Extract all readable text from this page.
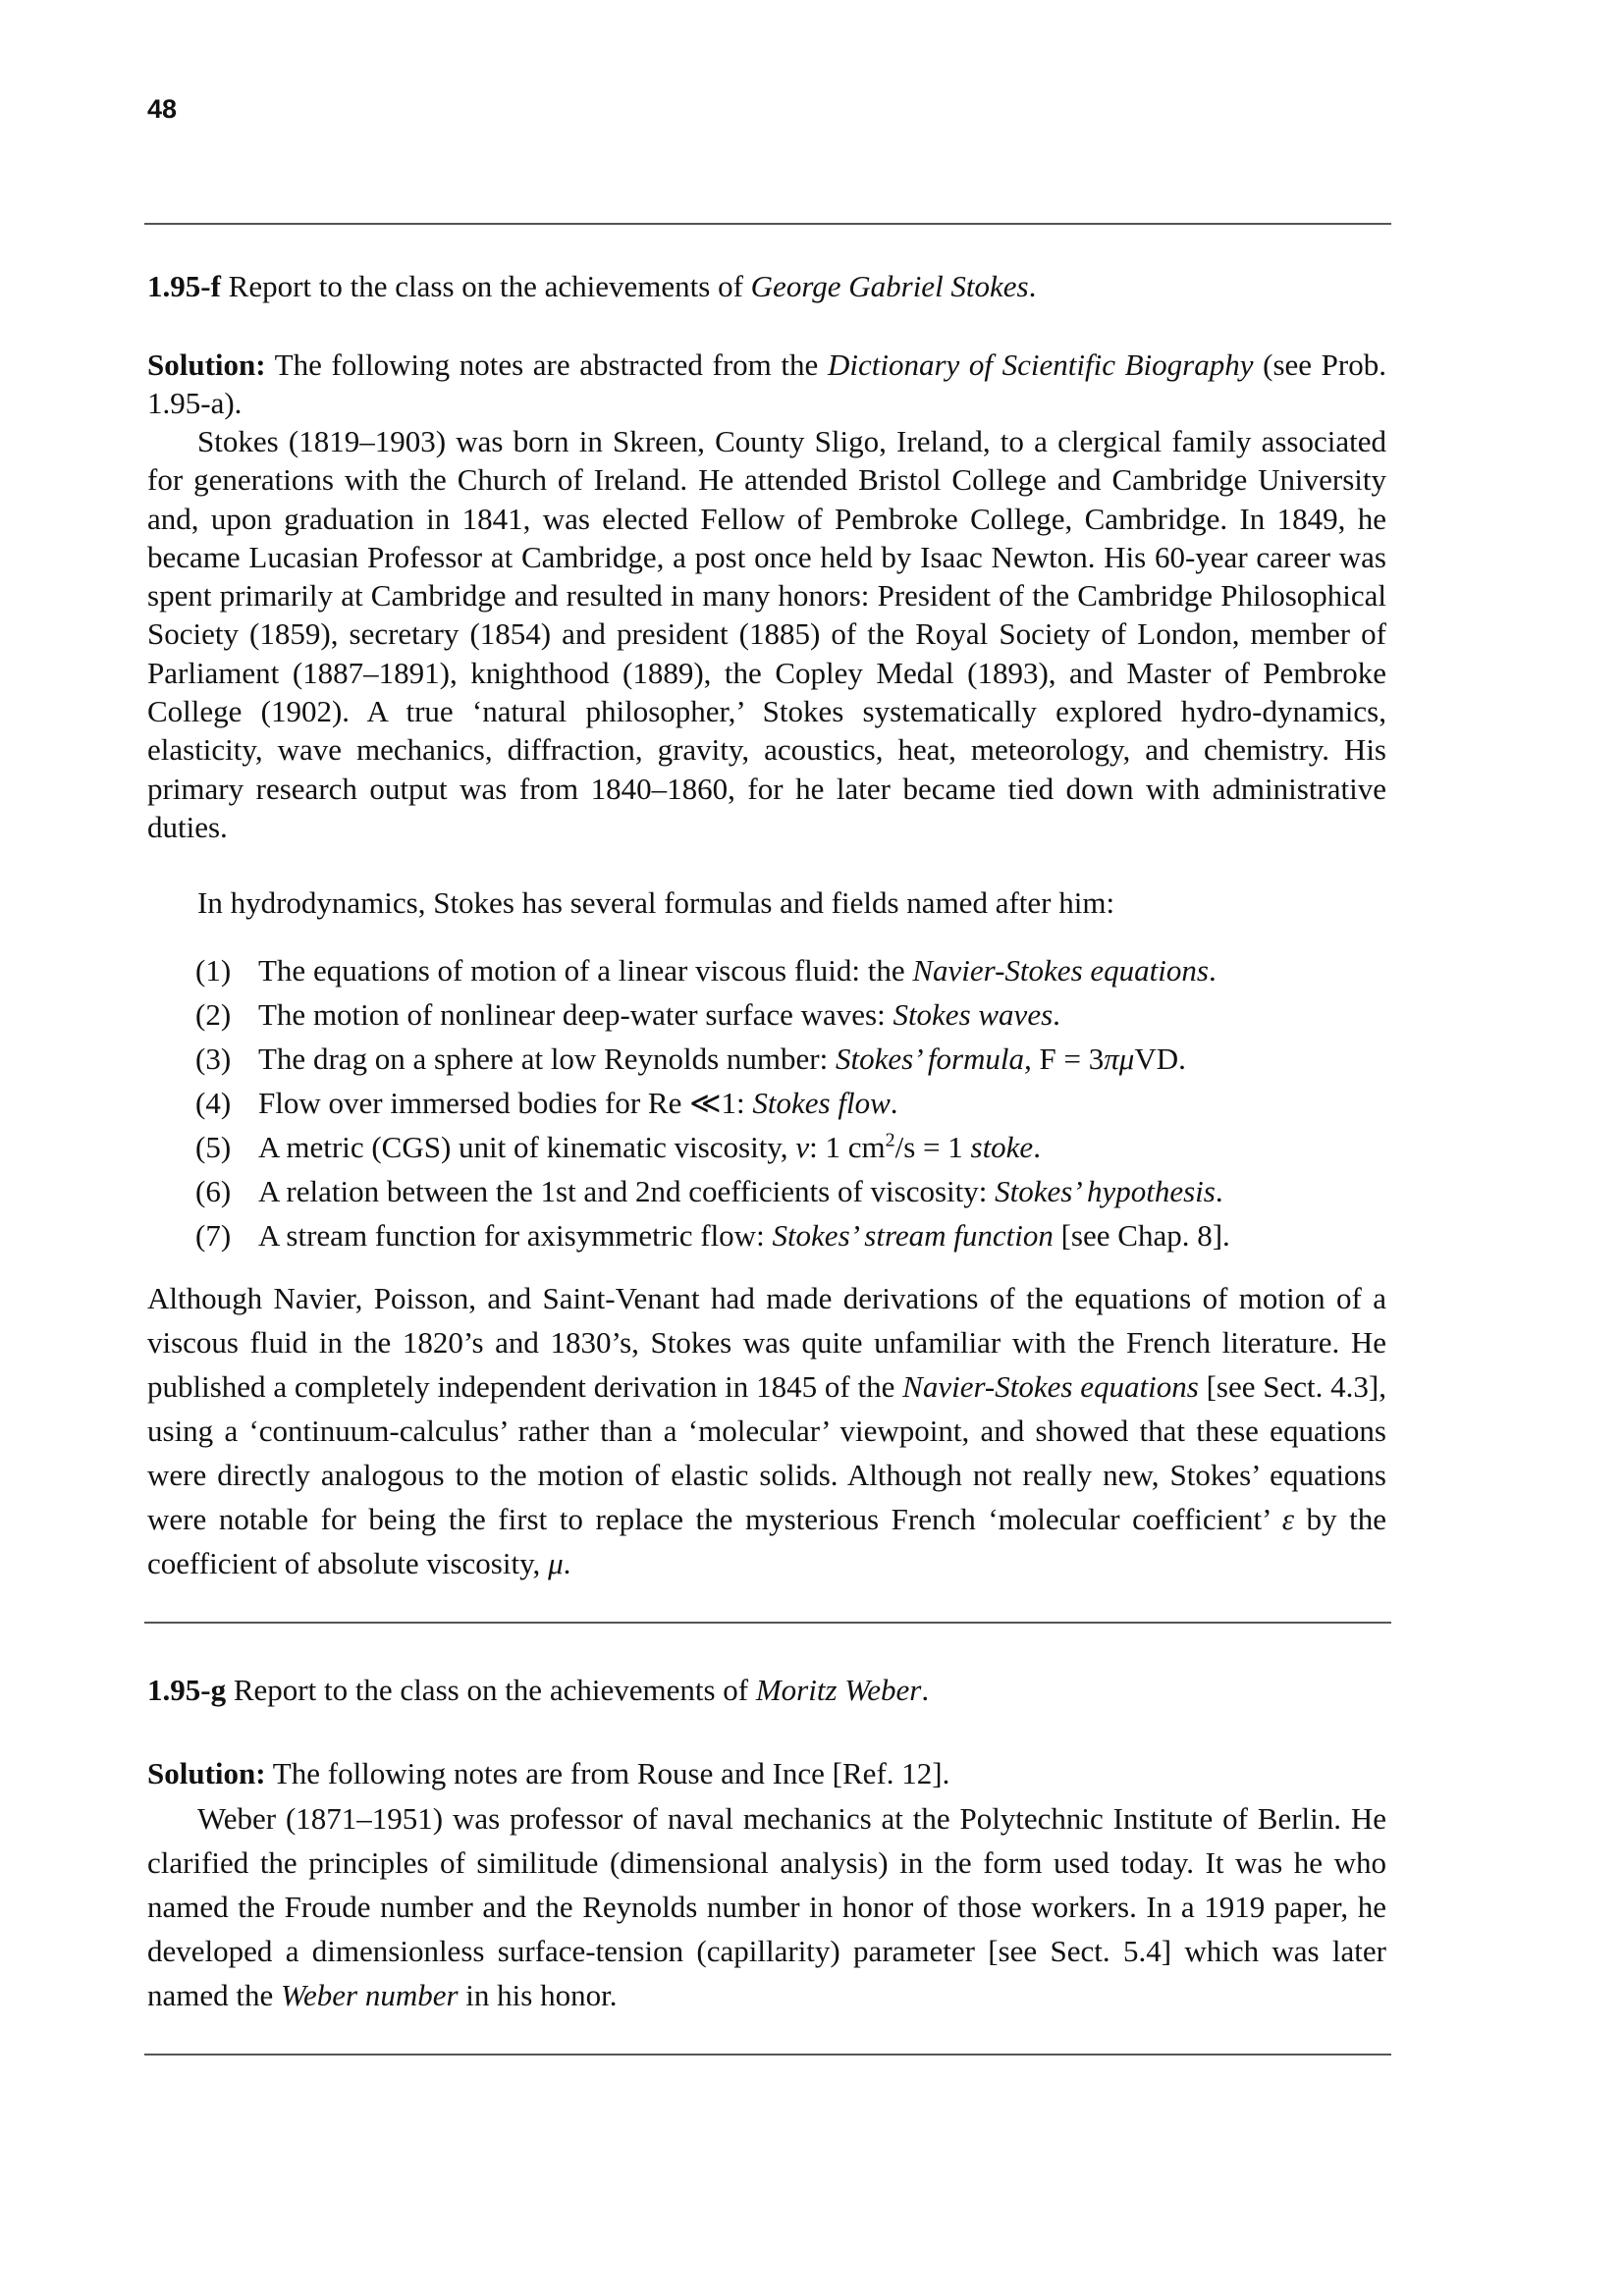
48
1.95-f Report to the class on the achievements of George Gabriel Stokes.
Solution: The following notes are abstracted from the Dictionary of Scientific Biography (see Prob. 1.95-a).
Stokes (1819–1903) was born in Skreen, County Sligo, Ireland, to a clergical family associated for generations with the Church of Ireland. He attended Bristol College and Cambridge University and, upon graduation in 1841, was elected Fellow of Pembroke College, Cambridge. In 1849, he became Lucasian Professor at Cambridge, a post once held by Isaac Newton. His 60-year career was spent primarily at Cambridge and resulted in many honors: President of the Cambridge Philosophical Society (1859), secretary (1854) and president (1885) of the Royal Society of London, member of Parliament (1887–1891), knighthood (1889), the Copley Medal (1893), and Master of Pembroke College (1902). A true ‘natural philosopher,’ Stokes systematically explored hydro-dynamics, elasticity, wave mechanics, diffraction, gravity, acoustics, heat, meteorology, and chemistry. His primary research output was from 1840–1860, for he later became tied down with administrative duties.
In hydrodynamics, Stokes has several formulas and fields named after him:
(1) The equations of motion of a linear viscous fluid: the Navier-Stokes equations.
(2) The motion of nonlinear deep-water surface waves: Stokes waves.
(3) The drag on a sphere at low Reynolds number: Stokes’ formula, F = 3πμVD.
(4) Flow over immersed bodies for Re ≪1: Stokes flow.
(5) A metric (CGS) unit of kinematic viscosity, ν: 1 $cm^2/s = 1$ stoke.
(6) A relation between the 1st and 2nd coefficients of viscosity: Stokes’ hypothesis.
(7) A stream function for axisymmetric flow: Stokes’ stream function [see Chap. 8].
Although Navier, Poisson, and Saint-Venant had made derivations of the equations of motion of a viscous fluid in the 1820’s and 1830’s, Stokes was quite unfamiliar with the French literature. He published a completely independent derivation in 1845 of the Navier-Stokes equations [see Sect. 4.3], using a ‘continuum-calculus’ rather than a ‘molecular’ viewpoint, and showed that these equations were directly analogous to the motion of elastic solids. Although not really new, Stokes’ equations were notable for being the first to replace the mysterious French ‘molecular coefficient’ ε by the coefficient of absolute viscosity, μ.
1.95-g Report to the class on the achievements of Moritz Weber.
Solution: The following notes are from Rouse and Ince [Ref. 12].
Weber (1871–1951) was professor of naval mechanics at the Polytechnic Institute of Berlin. He clarified the principles of similitude (dimensional analysis) in the form used today. It was he who named the Froude number and the Reynolds number in honor of those workers. In a 1919 paper, he developed a dimensionless surface-tension (capillarity) parameter [see Sect. 5.4] which was later named the Weber number in his honor.
